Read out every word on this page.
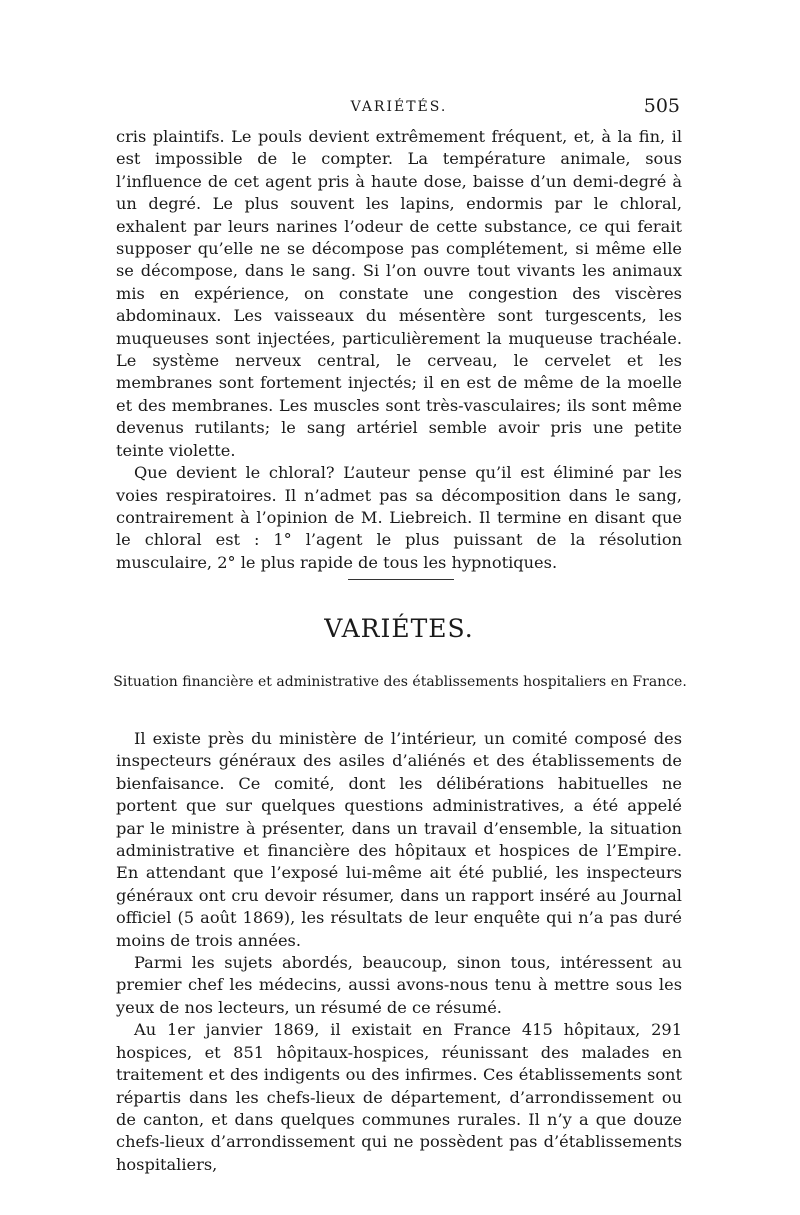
VARIÉTÉS.	505

cris plaintifs. Le pouls devient extrêmement fréquent, et, à la fin, il est impossible de le compter. La température animale, sous l’influence de cet agent pris à haute dose, baisse d’un demi-degré à un degré. Le plus souvent les lapins, endormis par le chloral, exhalent par leurs narines l’odeur de cette substance, ce qui ferait supposer qu’elle ne se décompose pas complétement, si même elle se décompose, dans le sang. Si l’on ouvre tout vivants les animaux mis en expérience, on constate une congestion des viscères abdominaux. Les vaisseaux du mésentère sont turgescents, les muqueuses sont injectées, particulièrement la muqueuse trachéale. Le système nerveux central, le cerveau, le cervelet et les membranes sont fortement injectés; il en est de même de la moelle et des membranes. Les muscles sont très-vasculaires; ils sont même devenus rutilants; le sang artériel semble avoir pris une petite teinte violette.

Que devient le chloral? L’auteur pense qu’il est éliminé par les voies respiratoires. Il n’admet pas sa décomposition dans le sang, contrairement à l’opinion de M. Liebreich. Il termine en disant que le chloral est : 1° l’agent le plus puissant de la résolution musculaire, 2° le plus rapide de tous les hypnotiques.

VARIÉTES.
Situation financière et administrative des établissements hospitaliers en France.

Il existe près du ministère de l’intérieur, un comité composé des inspecteurs généraux des asiles d’aliénés et des établissements de bienfaisance. Ce comité, dont les délibérations habituelles ne portent que sur quelques questions administratives, a été appelé par le ministre à présenter, dans un travail d’ensemble, la situation administrative et financière des hôpitaux et hospices de l’Empire. En attendant que l’exposé lui-même ait été publié, les inspecteurs généraux ont cru devoir résumer, dans un rapport inséré au Journal officiel (5 août 1869), les résultats de leur enquête qui n’a pas duré moins de trois années.

Parmi les sujets abordés, beaucoup, sinon tous, intéressent au premier chef les médecins, aussi avons-nous tenu à mettre sous les yeux de nos lecteurs, un résumé de ce résumé.

Au 1er janvier 1869, il existait en France 415 hôpitaux, 291 hospices, et 851 hôpitaux-hospices, réunissant des malades en traitement et des indigents ou des infirmes. Ces établissements sont répartis dans les chefs-lieux de département, d’arrondissement ou de canton, et dans quelques communes rurales. Il n’y a que douze chefs-lieux d’arrondissement qui ne possèdent pas d’établissements hospitaliers,
